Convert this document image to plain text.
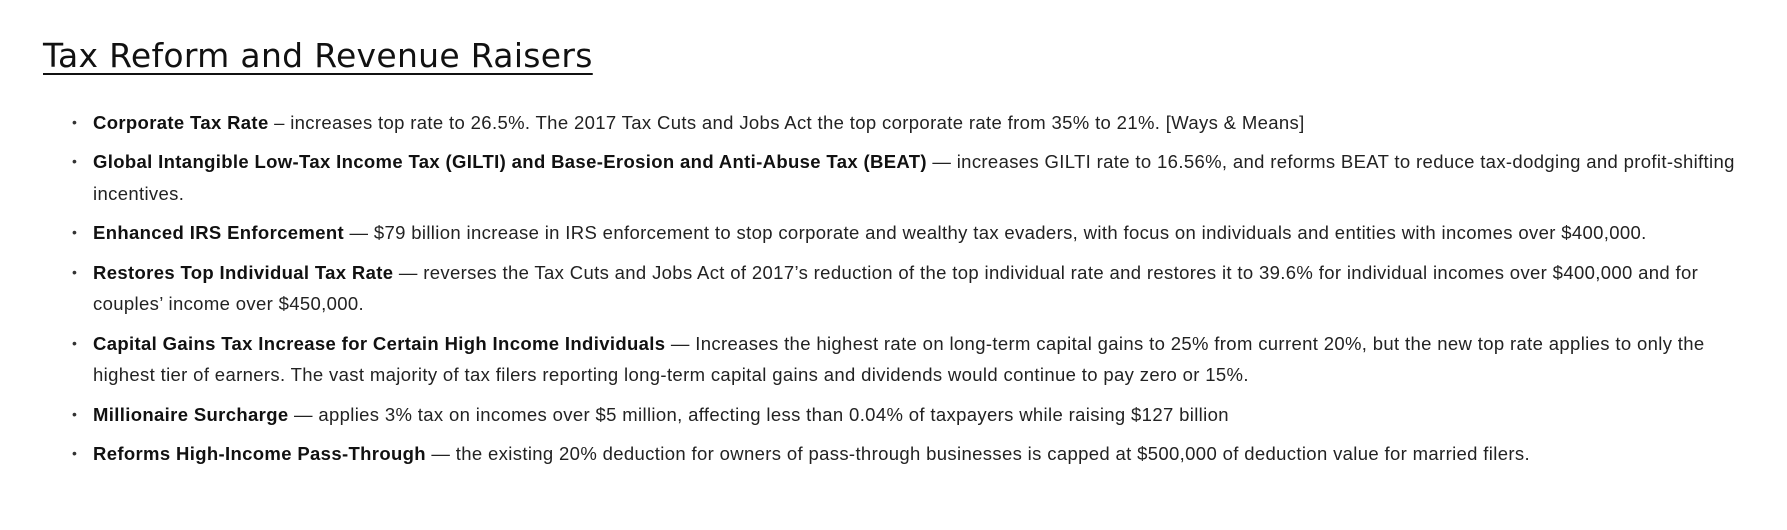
Tax Reform and Revenue Raisers
• Corporate Tax Rate – increases top rate to 26.5%. The 2017 Tax Cuts and Jobs Act the top corporate rate from 35% to 21%. [Ways & Means]
• Global Intangible Low-Tax Income Tax (GILTI) and Base-Erosion and Anti-Abuse Tax (BEAT) — increases GILTI rate to 16.56%, and reforms BEAT to reduce tax-dodging and profit-shifting incentives.
• Enhanced IRS Enforcement — $79 billion increase in IRS enforcement to stop corporate and wealthy tax evaders, with focus on individuals and entities with incomes over $400,000.
• Restores Top Individual Tax Rate — reverses the Tax Cuts and Jobs Act of 2017’s reduction of the top individual rate and restores it to 39.6% for individual incomes over $400,000 and for couples’ income over $450,000.
• Capital Gains Tax Increase for Certain High Income Individuals — Increases the highest rate on long-term capital gains to 25% from current 20%, but the new top rate applies to only the highest tier of earners. The vast majority of tax filers reporting long-term capital gains and dividends would continue to pay zero or 15%.
• Millionaire Surcharge — applies 3% tax on incomes over $5 million, affecting less than 0.04% of taxpayers while raising $127 billion
• Reforms High-Income Pass-Through — the existing 20% deduction for owners of pass-through businesses is capped at $500,000 of deduction value for married filers.
